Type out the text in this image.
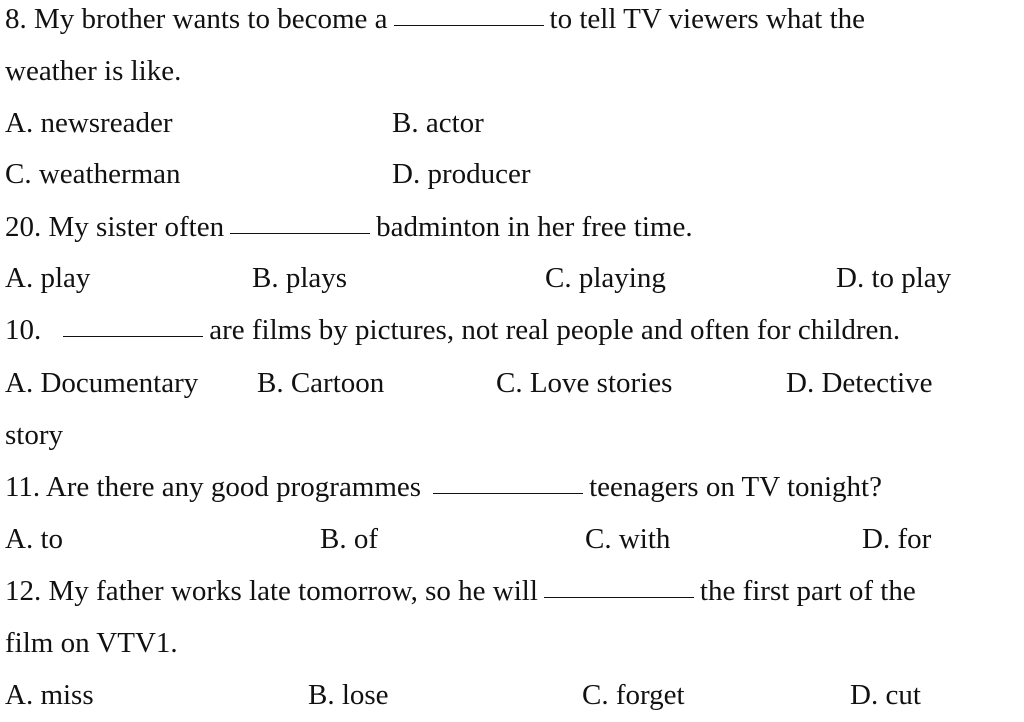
8. My brother wants to become a	to tell TV viewers what the
weather is like.
A. newsreader	B. actor
C. weatherman	D. producer
20. My sister often	badminton in her free time.
A. play	B. plays	C. playing	D. to play
10.	are films by pictures, not real people and often for children.
A. Documentary B. Cartoon	C. Love stories	D. Detective
story
11. Are there any good programmes	teenagers on TV tonight?
A. to	B. of	C. with	D. for
12. My father works late tomorrow, so he will	the first part of the
film on VTV1.
A. miss	B. lose	C. forget	D. cut
